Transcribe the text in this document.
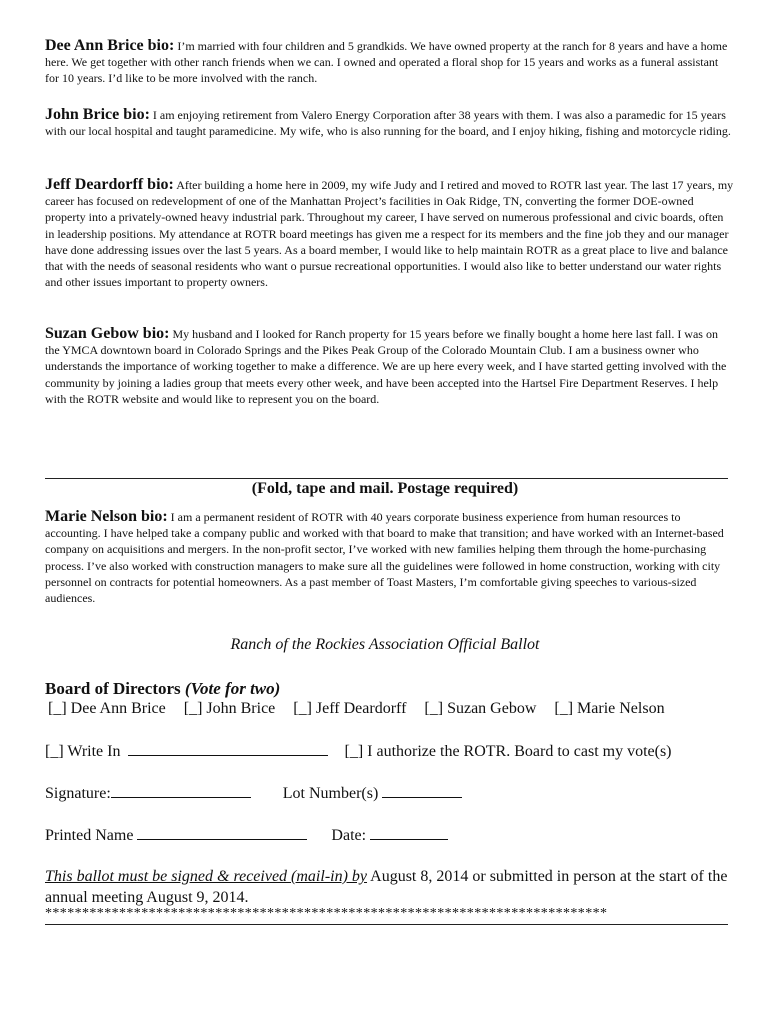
Dee Ann Brice bio: I’m married with four children and 5 grandkids. We have owned property at the ranch for 8 years and have a home here. We get together with other ranch friends when we can. I owned and operated a floral shop for 15 years and works as a funeral assistant for 10 years. I’d like to be more involved with the ranch.

John Brice bio: I am enjoying retirement from Valero Energy Corporation after 38 years with them. I was also a paramedic for 15 years with our local hospital and taught paramedicine. My wife, who is also running for the board, and I enjoy hiking, fishing and motorcycle riding.

Jeff Deardorff bio: After building a home here in 2009, my wife Judy and I retired and moved to ROTR last year. The last 17 years, my career has focused on redevelopment of one of the Manhattan Project’s facilities in Oak Ridge, TN, converting the former DOE-owned property into a privately-owned heavy industrial park. Throughout my career, I have served on numerous professional and civic boards, often in leadership positions. My attendance at ROTR board meetings has given me a respect for its members and the fine job they and our manager have done addressing issues over the last 5 years. As a board member, I would like to help maintain ROTR as a great place to live and balance that with the needs of seasonal residents who want o pursue recreational opportunities. I would also like to better understand our water rights and other issues important to property owners.

Suzan Gebow bio: My husband and I looked for Ranch property for 15 years before we finally bought a home here last fall. I was on the YMCA downtown board in Colorado Springs and the Pikes Peak Group of the Colorado Mountain Club. I am a business owner who understands the importance of working together to make a difference. We are up here every week, and I have started getting involved with the community by joining a ladies group that meets every other week, and have been accepted into the Hartsel Fire Department Reserves. I help with the ROTR website and would like to represent you on the board.

(Fold, tape and mail. Postage required)

Marie Nelson bio: I am a permanent resident of ROTR with 40 years corporate business experience from human resources to accounting. I have helped take a company public and worked with that board to make that transition; and have worked with an Internet-based company on acquisitions and mergers. In the non-profit sector, I’ve worked with new families helping them through the home-purchasing process. I’ve also worked with construction managers to make sure all the guidelines were followed in home construction, working with city personnel on contracts for potential homeowners. As a past member of Toast Masters, I’m comfortable giving speeches to various-sized audiences.

Ranch of the Rockies Association Official Ballot
Board of Directors (Vote for two)
[_] Dee Ann Brice [_] John Brice [_] Jeff Deardorff [_] Suzan Gebow [_] Marie Nelson
[_] Write In	[_] I authorize the ROTR. Board to cast my vote(s)
Signature:	Lot Number(s)
Printed Name	Date:
This ballot must be signed & received (mail-in) by August 8, 2014 or submitted in person at the start of the annual meeting August 9, 2014.
****************************************************************************
